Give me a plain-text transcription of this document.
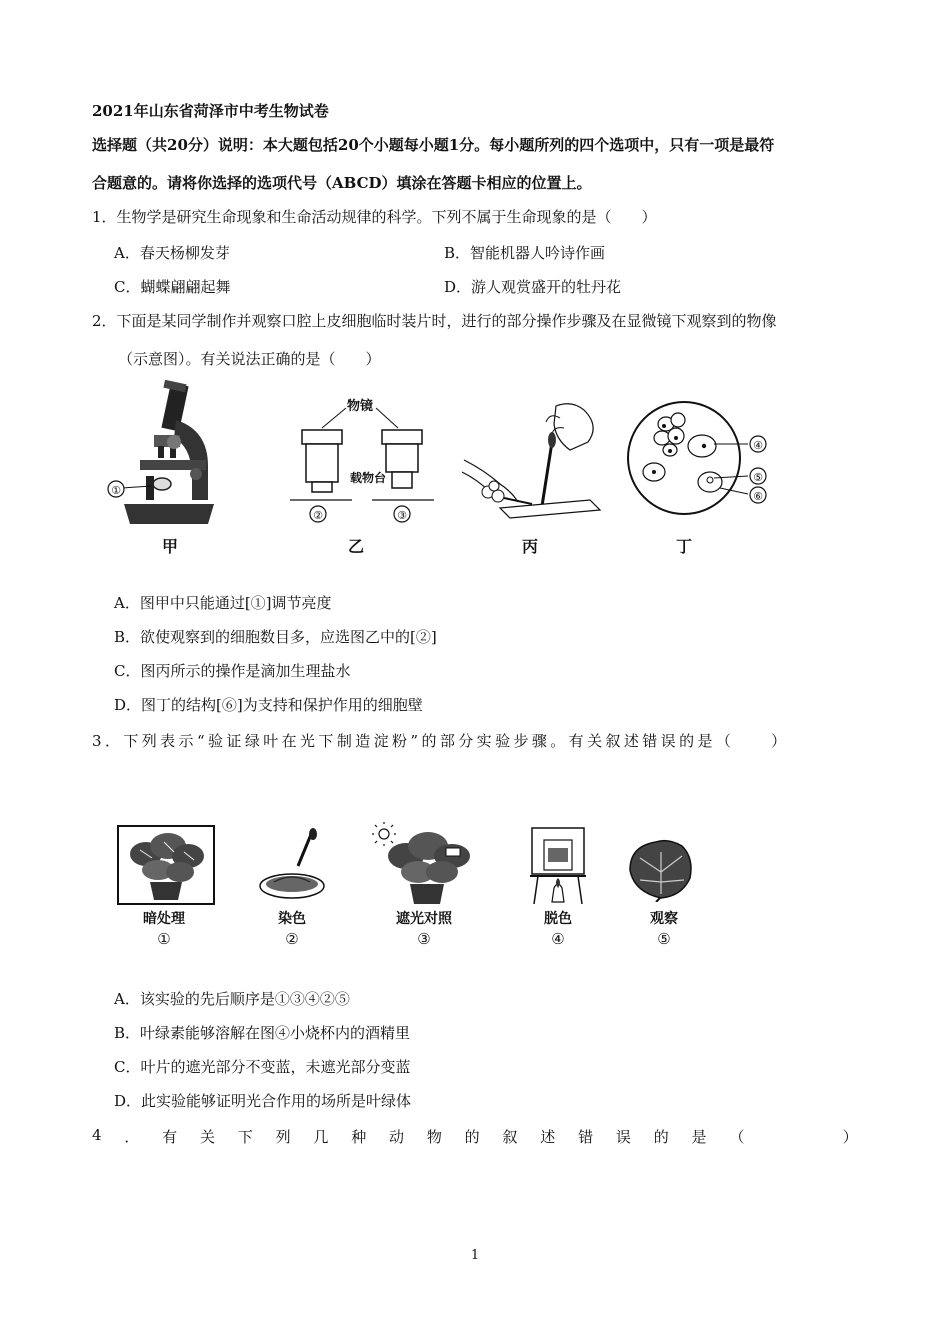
2021年山东省菏泽市中考生物试卷
选择题（共20分）说明：本大题包括20个小题每小题1分。每小题所列的四个选项中，只有一项是最符
合题意的。请将你选择的选项代号（ABCD）填涂在答题卡相应的位置上。
1．生物学是研究生命现象和生命活动规律的科学。下列不属于生命现象的是（　　）
A．春天杨柳发芽	B．智能机器人吟诗作画
C．蝴蝶翩翩起舞	D．游人观赏盛开的牡丹花
2．下面是某同学制作并观察口腔上皮细胞临时装片时，进行的部分操作步骤及在显微镜下观察到的物像
（示意图）。有关说法正确的是（　　）
①
甲
物镜
载物台
②	③
乙	丙
④
⑤
⑥
丁
A．图甲中只能通过[①]调节亮度
B．欲使观察到的细胞数目多，应选图乙中的[②]
C．图丙所示的操作是滴加生理盐水
D．图丁的结构[⑥]为支持和保护作用的细胞壁
3．下列表示“验证绿叶在光下制造淀粉”的部分实验步骤。有关叙述错误的是（　　）
暗处理
①
染色
②
遮光对照
③
脱色
④
观察
⑤
A．该实验的先后顺序是①③④②⑤
B．叶绿素能够溶解在图④小烧杯内的酒精里
C．叶片的遮光部分不变蓝，未遮光部分变蓝
D．此实验能够证明光合作用的场所是叶绿体
4 ． 有 关 下 列 几 种 动 物 的 叙 述 错 误 的 是 （

　	）
1
